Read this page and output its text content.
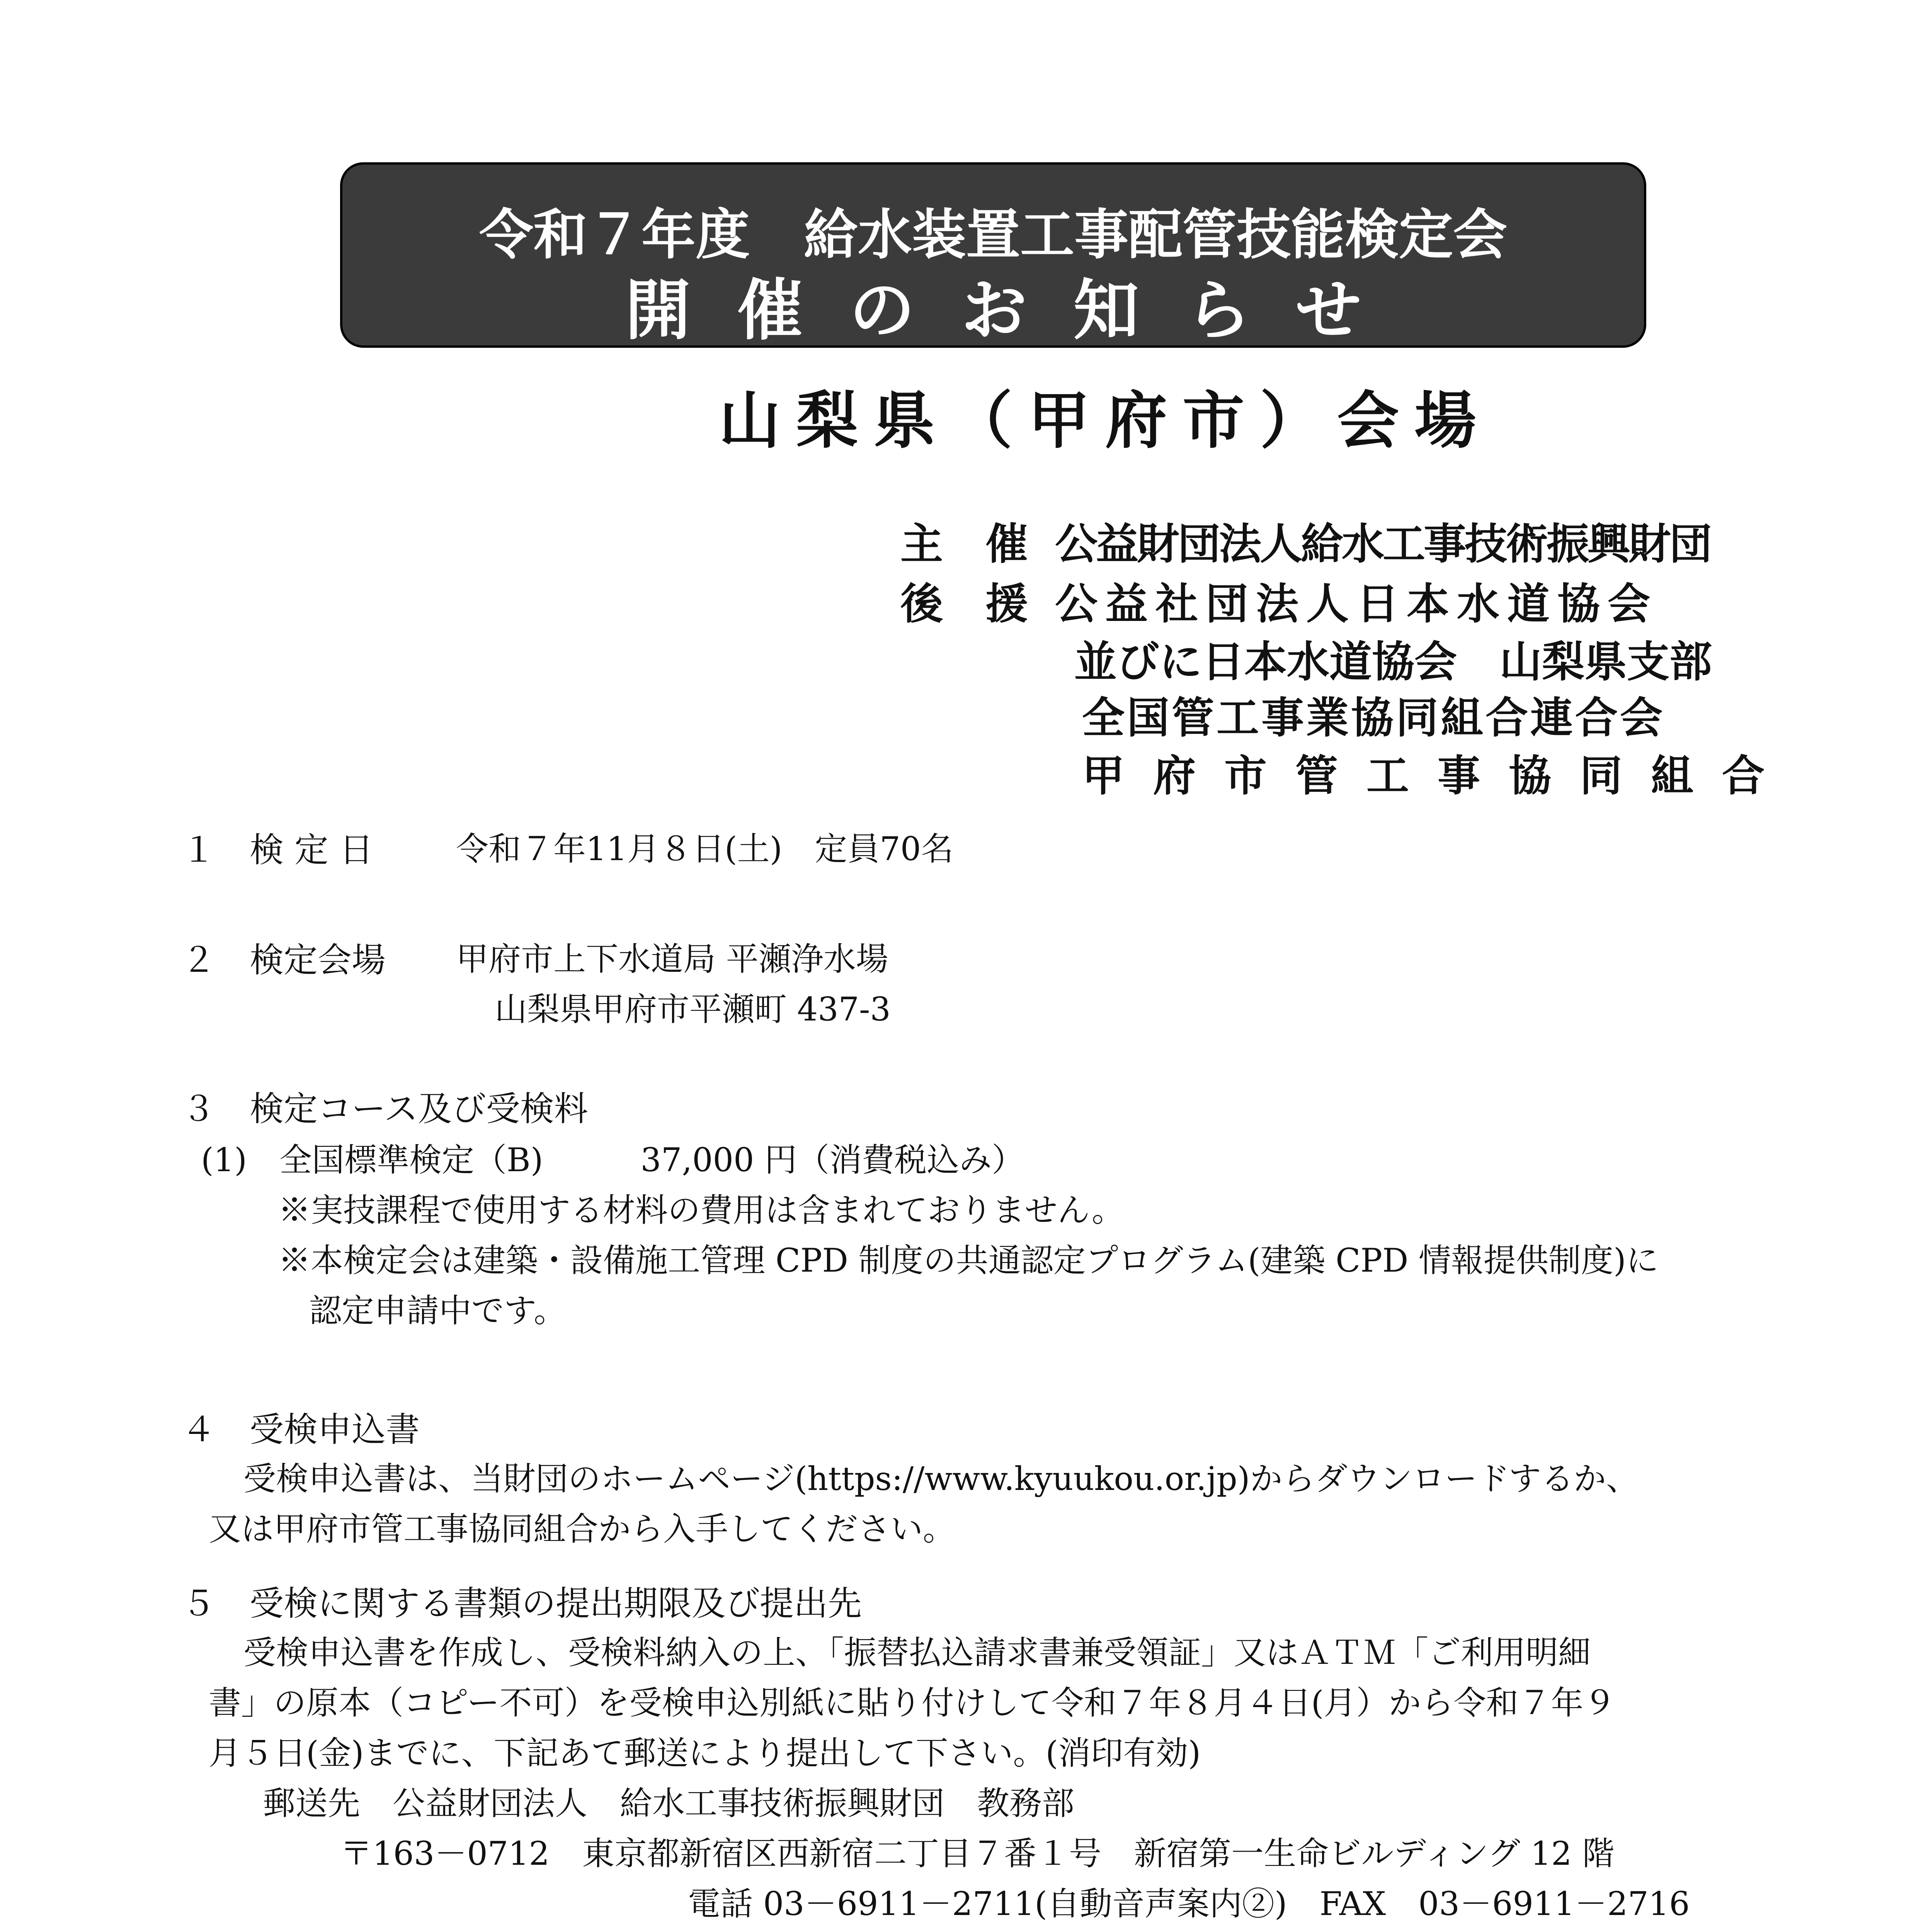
令和７年度　給水装置工事配管技能検定会
開催のお知らせ
山梨県（甲府市）会場
主　催 公益財団法人給水工事技術振興財団
後　援 公益社団法人日本水道協会
並びに日本水道協会　山梨県支部
全国管工事業協同組合連合会
甲府市管工事協同組合
１　検 定 日	令和７年11月８日(土)　定員70名
２　検定会場 甲府市上下水道局 平瀬浄水場
山梨県甲府市平瀬町 437-3
３　検定コース及び受検料
(1)　全国標準検定（B)　　　37,000 円（消費税込み）
※実技課程で使用する材料の費用は含まれておりません。
※本検定会は建築・設備施工管理 CPD 制度の共通認定プログラム(建築 CPD 情報提供制度)に
認定申請中です。
４　受検申込書
受検申込書は、当財団のホームページ(https://www.kyuukou.or.jp)からダウンロードするか、
又は甲府市管工事協同組合から入手してください。
５　受検に関する書類の提出期限及び提出先
受検申込書を作成し、受検料納入の上、「振替払込請求書兼受領証」又はＡＴＭ「ご利用明細
書」の原本（コピー不可）を受検申込別紙に貼り付けして令和７年８月４日(月）から令和７年９
月５日(金)までに、下記あて郵送により提出して下さい。(消印有効)
郵送先　公益財団法人　給水工事技術振興財団　教務部
〒163－0712　東京都新宿区西新宿二丁目７番１号　新宿第一生命ビルディング 12 階
電話 03－6911－2711(自動音声案内②)　FAX　03－6911－2716
